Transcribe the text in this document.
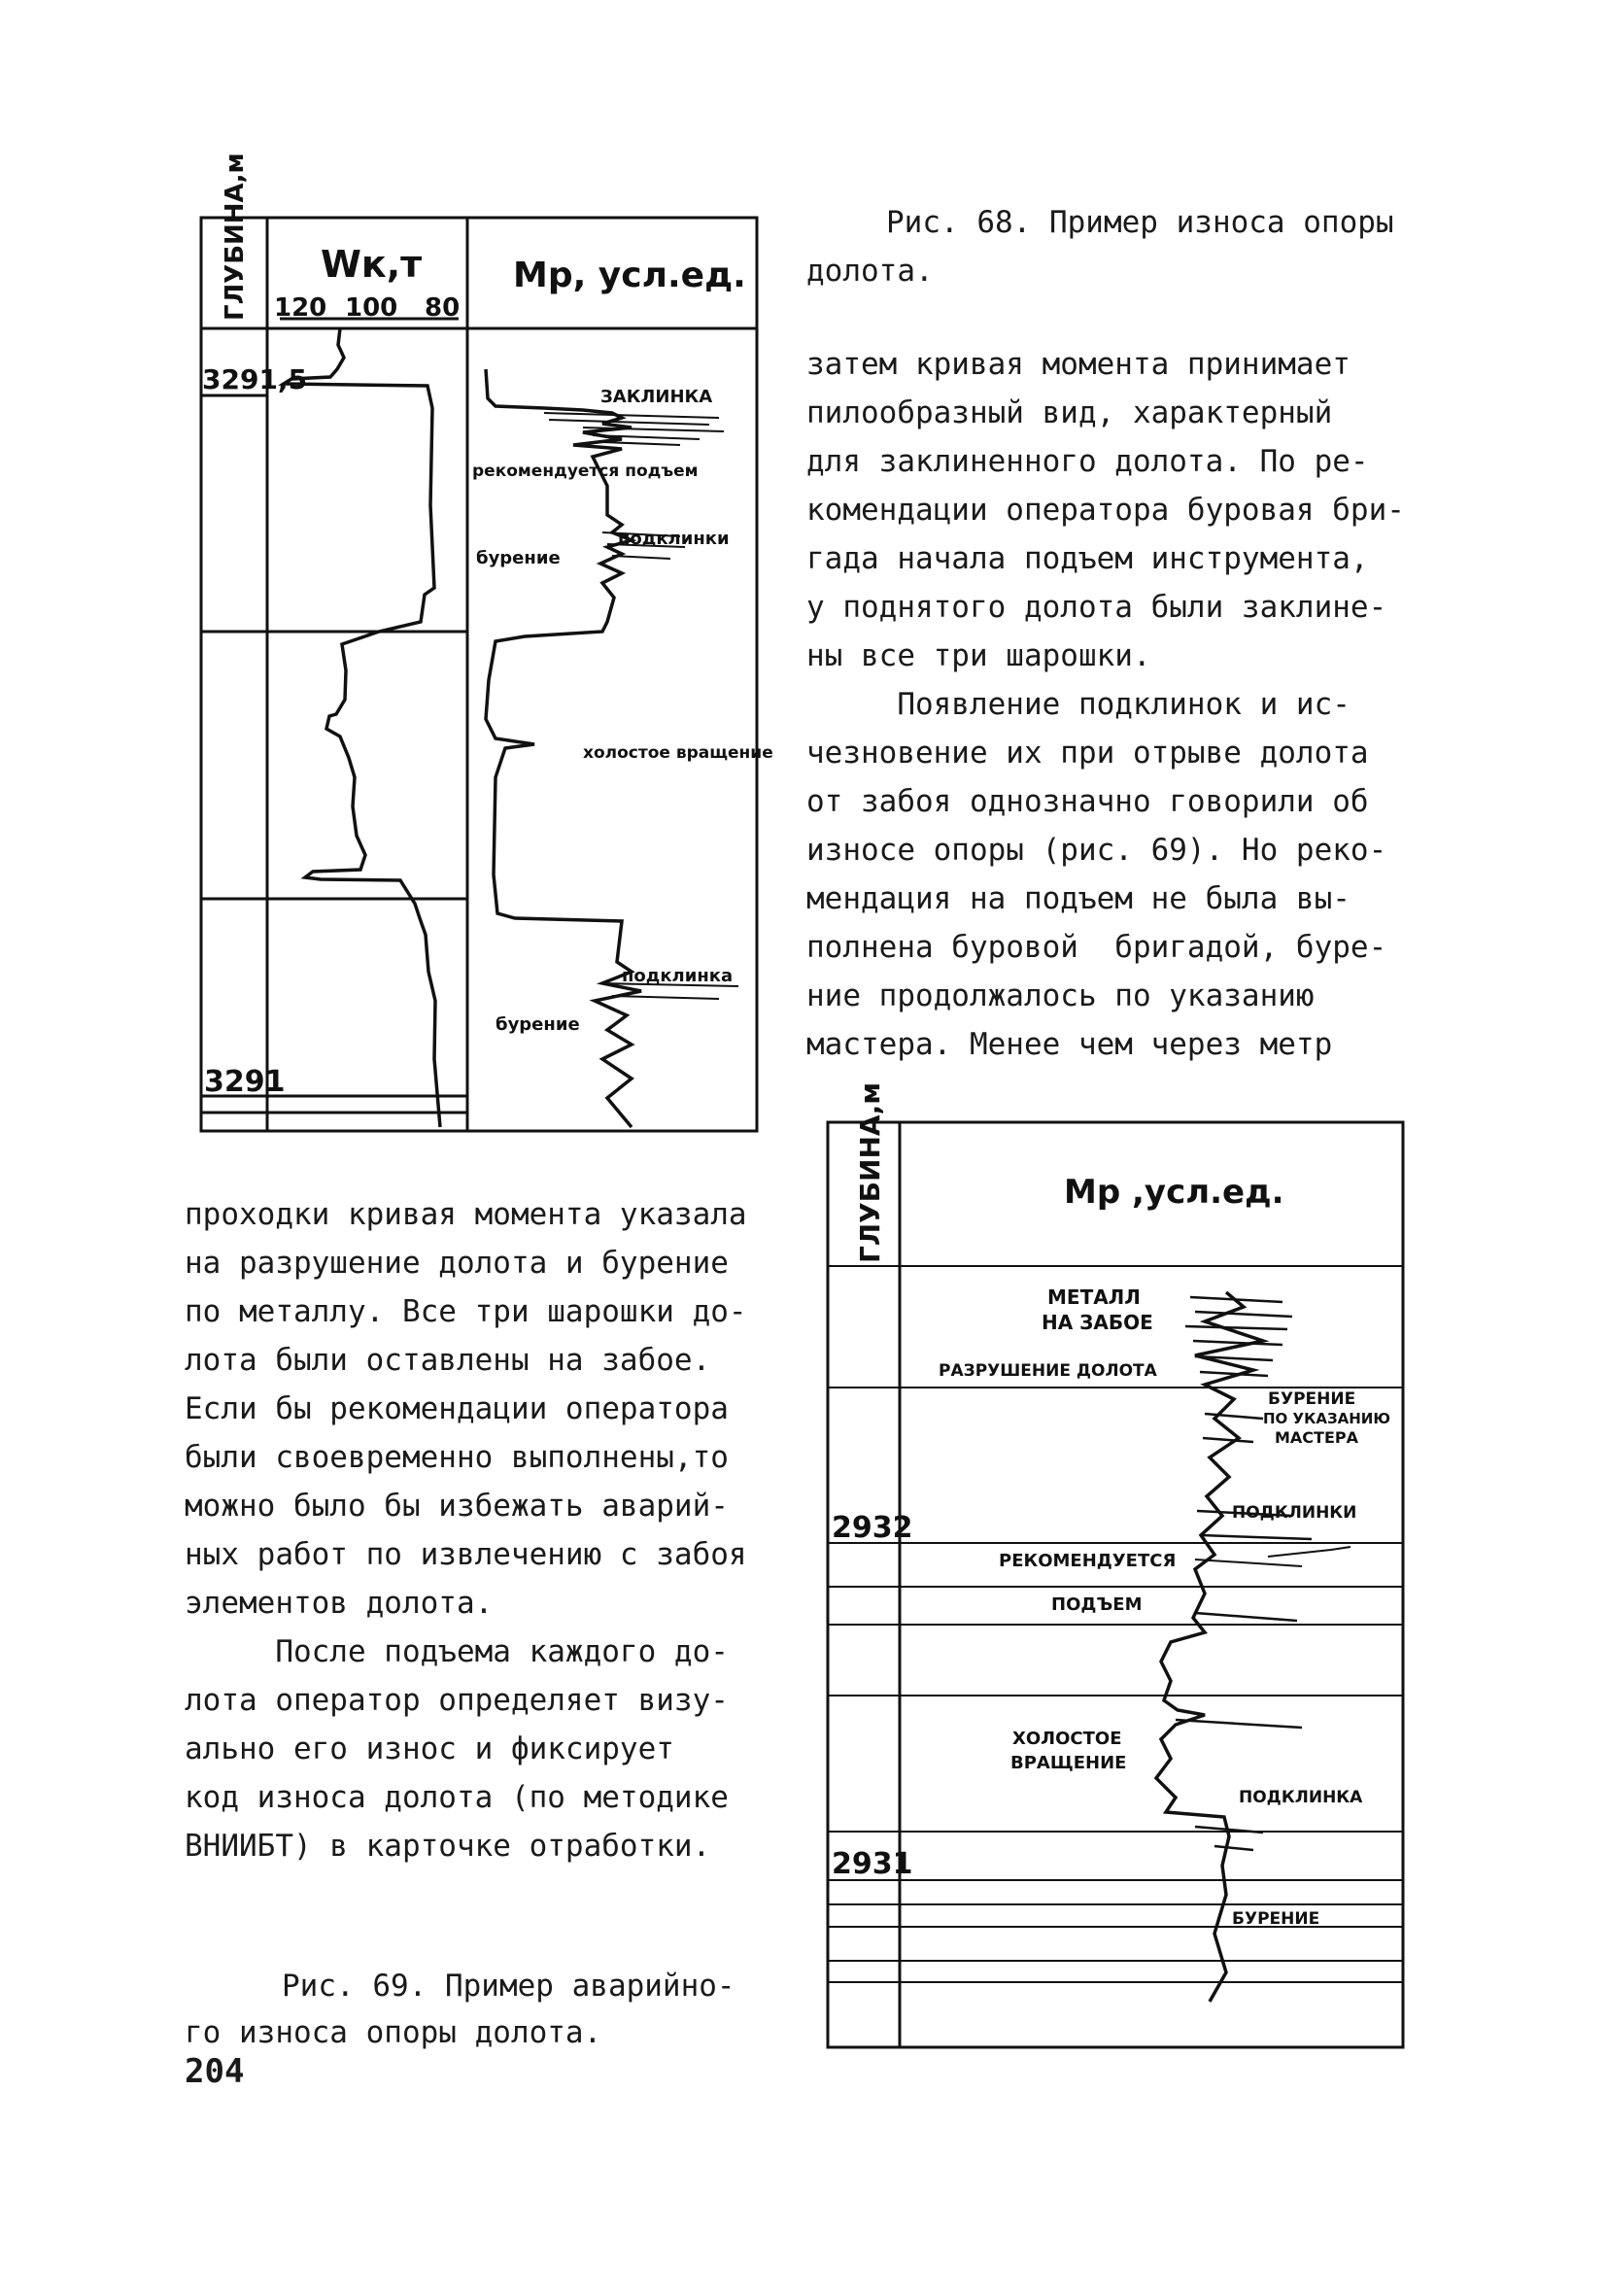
ГЛУБИНА,м Wк,т
120 100 80
Мр, усл.ед.
3291,5
3291
ЗАКЛИНКА
рекомендуется подъем
подклинки
бурение
холостое вращение
подклинка
бурение
ГЛУБИНА,м	Мр ,усл.ед.
2932
2931
МЕТАЛЛ
НА ЗАБОЕ
РАЗРУШЕНИЕ ДОЛОТА
БУРЕНИЕ
ПО УКАЗАНИЮ
МАСТЕРА
ПОДКЛИНКИ
РЕКОМЕНДУЕТСЯ
ПОДЪЕМ
ХОЛОСТОЕ
ВРАЩЕНИЕ
ПОДКЛИНКА
БУРЕНИЕ
Рис. 68. Пример износа опоры
долота.
затем кривая момента принимает
пилообразный вид, характерный
для заклиненного долота. По ре-
комендации оператора буровая бри-
гада начала подъем инструмента,
у поднятого долота были заклине-
ны все три шарошки.
Появление подклинок и ис-
чезновение их при отрыве долота
от забоя однозначно говорили об
износе опоры (рис. 69). Но реко-
мендация на подъем не была вы-
полнена буровой  бригадой, буре-
ние продолжалось по указанию
мастера. Менее чем через метр
проходки кривая момента указала
на разрушение долота и бурение
по металлу. Все три шарошки до-
лота были оставлены на забое.
Если бы рекомендации оператора
были своевременно выполнены,то
можно было бы избежать аварий-
ных работ по извлечению с забоя
элементов долота.
После подъема каждого до-
лота оператор определяет визу-
ально его износ и фиксирует
код износа долота (по методике
ВНИИБТ) в карточке отработки.
Рис. 69. Пример аварийно-
го износа опоры долота.
204
